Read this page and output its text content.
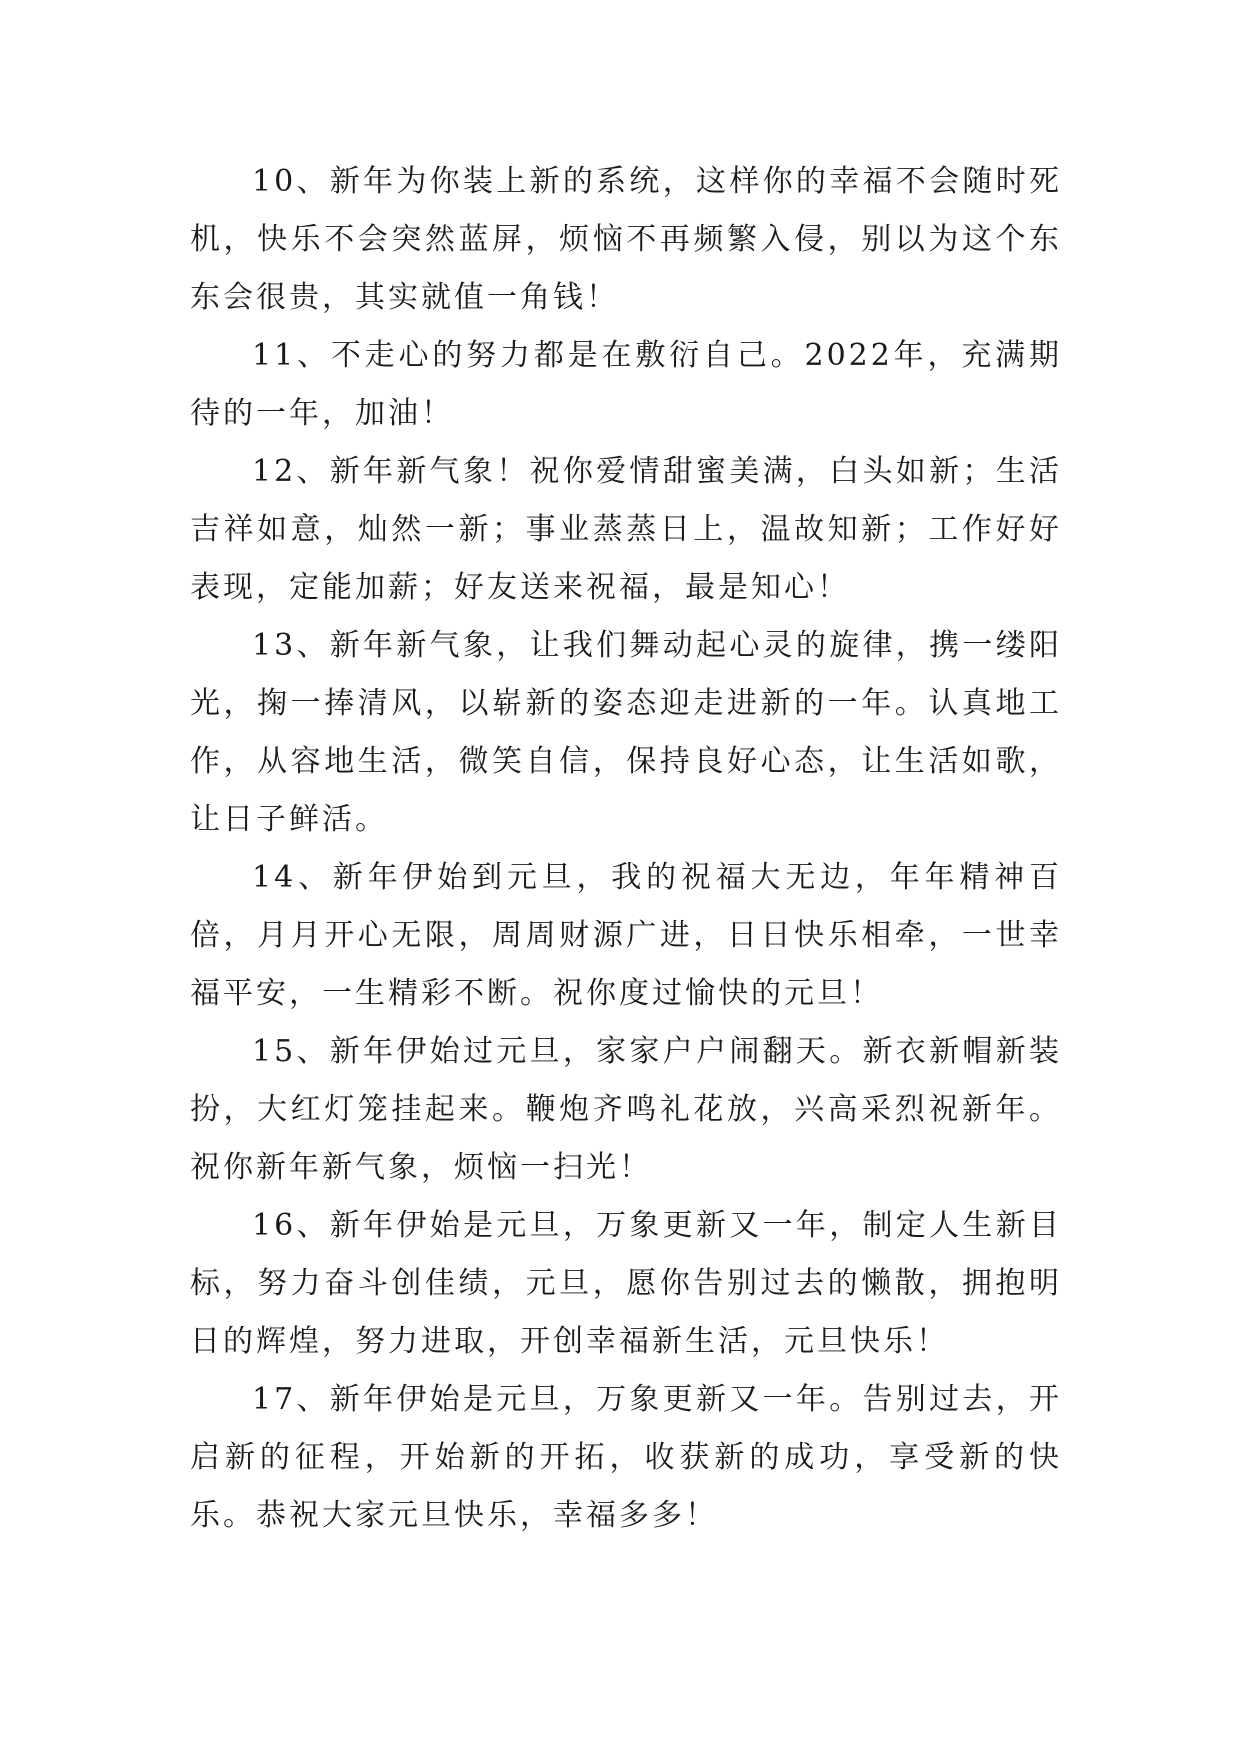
10、新年为你装上新的系统，这样你的幸福不会随时死机，快乐不会突然蓝屏，烦恼不再频繁入侵，别以为这个东东会很贵，其实就值一角钱！

11、不走心的努力都是在敷衍自己。2022年，充满期待的一年，加油！

12、新年新气象！祝你爱情甜蜜美满，白头如新；生活吉祥如意，灿然一新；事业蒸蒸日上，温故知新；工作好好表现，定能加薪；好友送来祝福，最是知心！

13、新年新气象，让我们舞动起心灵的旋律，携一缕阳光，掬一捧清风，以崭新的姿态迎走进新的一年。认真地工作，从容地生活，微笑自信，保持良好心态，让生活如歌，让日子鲜活。

14、新年伊始到元旦，我的祝福大无边，年年精神百倍，月月开心无限，周周财源广进，日日快乐相牵，一世幸福平安，一生精彩不断。祝你度过愉快的元旦！

15、新年伊始过元旦，家家户户闹翻天。新衣新帽新装扮，大红灯笼挂起来。鞭炮齐鸣礼花放，兴高采烈祝新年。祝你新年新气象，烦恼一扫光！

16、新年伊始是元旦，万象更新又一年，制定人生新目标，努力奋斗创佳绩，元旦，愿你告别过去的懒散，拥抱明日的辉煌，努力进取，开创幸福新生活，元旦快乐！

17、新年伊始是元旦，万象更新又一年。告别过去，开启新的征程，开始新的开拓，收获新的成功，享受新的快乐。恭祝大家元旦快乐，幸福多多！
